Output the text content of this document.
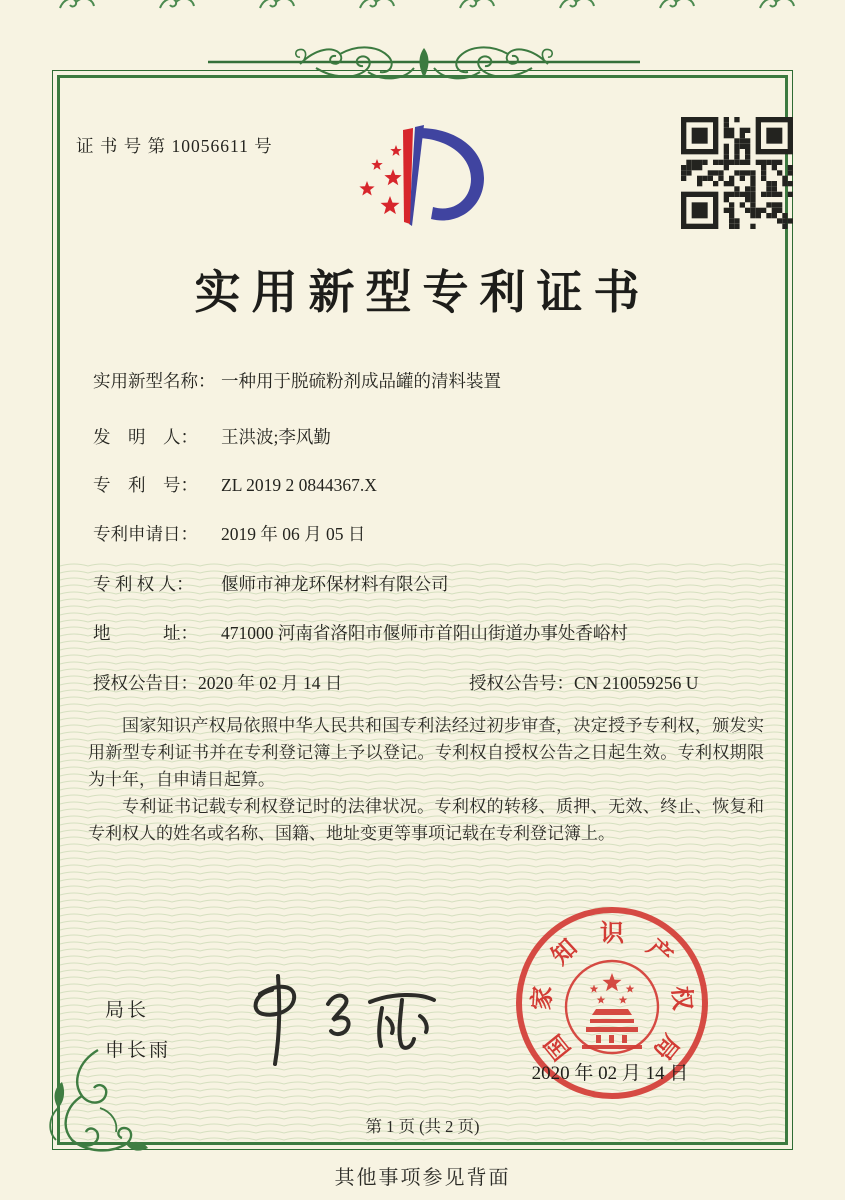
证 书 号 第 10056611 号
实用新型专利证书
实用新型名称： 一种用于脱硫粉剂成品罐的清料装置
发　明　人： 王洪波;李风勤
专　利　号： ZL 2019 2 0844367.X
专利申请日： 2019 年 06 月 05 日
专 利 权 人： 偃师市神龙环保材料有限公司
地　　　址： 471000 河南省洛阳市偃师市首阳山街道办事处香峪村
授权公告日：2020 年 02 月 14 日	授权公告号：CN 210059256 U

国家知识产权局依照中华人民共和国专利法经过初步审查，决定授予专利权，颁发实用新型专利证书并在专利登记簿上予以登记。专利权自授权公告之日起生效。专利权期限为十年，自申请日起算。

专利证书记载专利权登记时的法律状况。专利权的转移、质押、无效、终止、恢复和专利权人的姓名或名称、国籍、地址变更等事项记载在专利登记簿上。

局长
申长雨	国
家
知
识
产
权
局
2020 年 02 月 14 日
第 1 页 (共 2 页)
其他事项参见背面
